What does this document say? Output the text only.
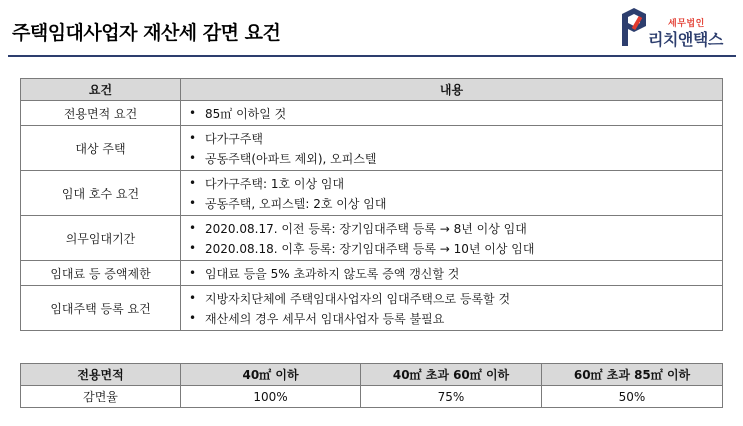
주택임대사업자 재산세 감면 요건	세무법인
리치앤택스
요건	내용
전용면적 요건	• 85㎡ 이하일 것

대상 주택	• 다가구주택
• 공동주택(아파트 제외), 오피스텔

임대 호수 요건	• 다가구주택: 1호 이상 임대
• 공동주택, 오피스텔: 2호 이상 임대

의무임대기간	• 2020.08.17. 이전 등록: 장기임대주택 등록 → 8년 이상 임대
• 2020.08.18. 이후 등록: 장기임대주택 등록 → 10년 이상 임대

임대료 등 증액제한	• 임대료 등을 5% 초과하지 않도록 증액 갱신할 것

임대주택 등록 요건	• 지방자치단체에 주택임대사업자의 임대주택으로 등록할 것
• 재산세의 경우 세무서 임대사업자 등록 불필요
전용면적	40㎡ 이하	40㎡ 초과 60㎡ 이하	60㎡ 초과 85㎡ 이하
감면율	100%	75%	50%
